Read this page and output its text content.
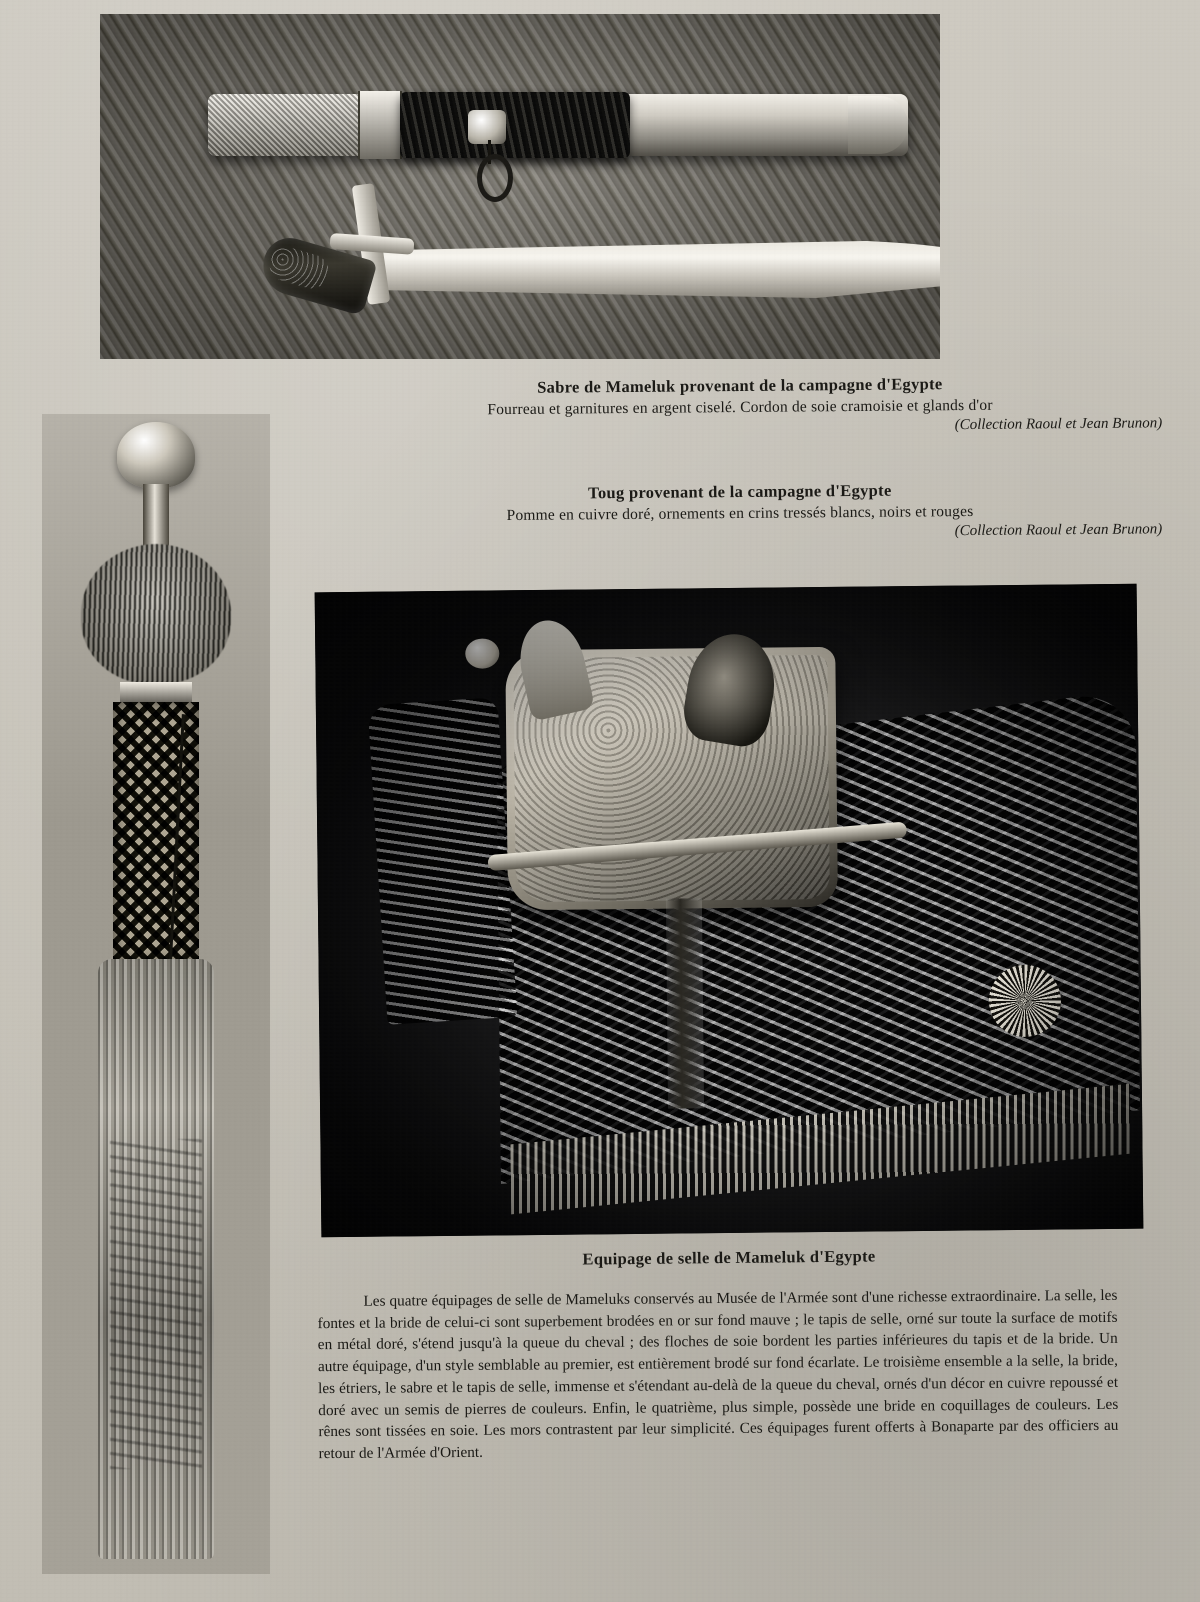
Sabre de Mameluk provenant de la campagne d'Egypte
Fourreau et garnitures en argent ciselé. Cordon de soie cramoisie et glands d'or
(Collection Raoul et Jean Brunon)
Toug provenant de la campagne d'Egypte
Pomme en cuivre doré, ornements en crins tressés blancs, noirs et rouges
(Collection Raoul et Jean Brunon)
Equipage de selle de Mameluk d'Egypte

Les quatre équipages de selle de Mameluks conservés au Musée de l'Armée sont d'une richesse extraordinaire. La selle, les fontes et la bride de celui-ci sont superbement brodées en or sur fond mauve ; le tapis de selle, orné sur toute la surface de motifs en métal doré, s'étend jusqu'à la queue du cheval ; des floches de soie bordent les parties inférieures du tapis et de la bride. Un autre équipage, d'un style semblable au premier, est entièrement brodé sur fond écarlate. Le troisième ensemble a la selle, la bride, les étriers, le sabre et le tapis de selle, immense et s'étendant au-delà de la queue du cheval, ornés d'un décor en cuivre repoussé et doré avec un semis de pierres de couleurs. Enfin, le quatrième, plus simple, possède une bride en coquillages de couleurs. Les rênes sont tissées en soie. Les mors contrastent par leur simplicité. Ces équipages furent offerts à Bonaparte par des officiers au retour de l'Armée d'Orient.
